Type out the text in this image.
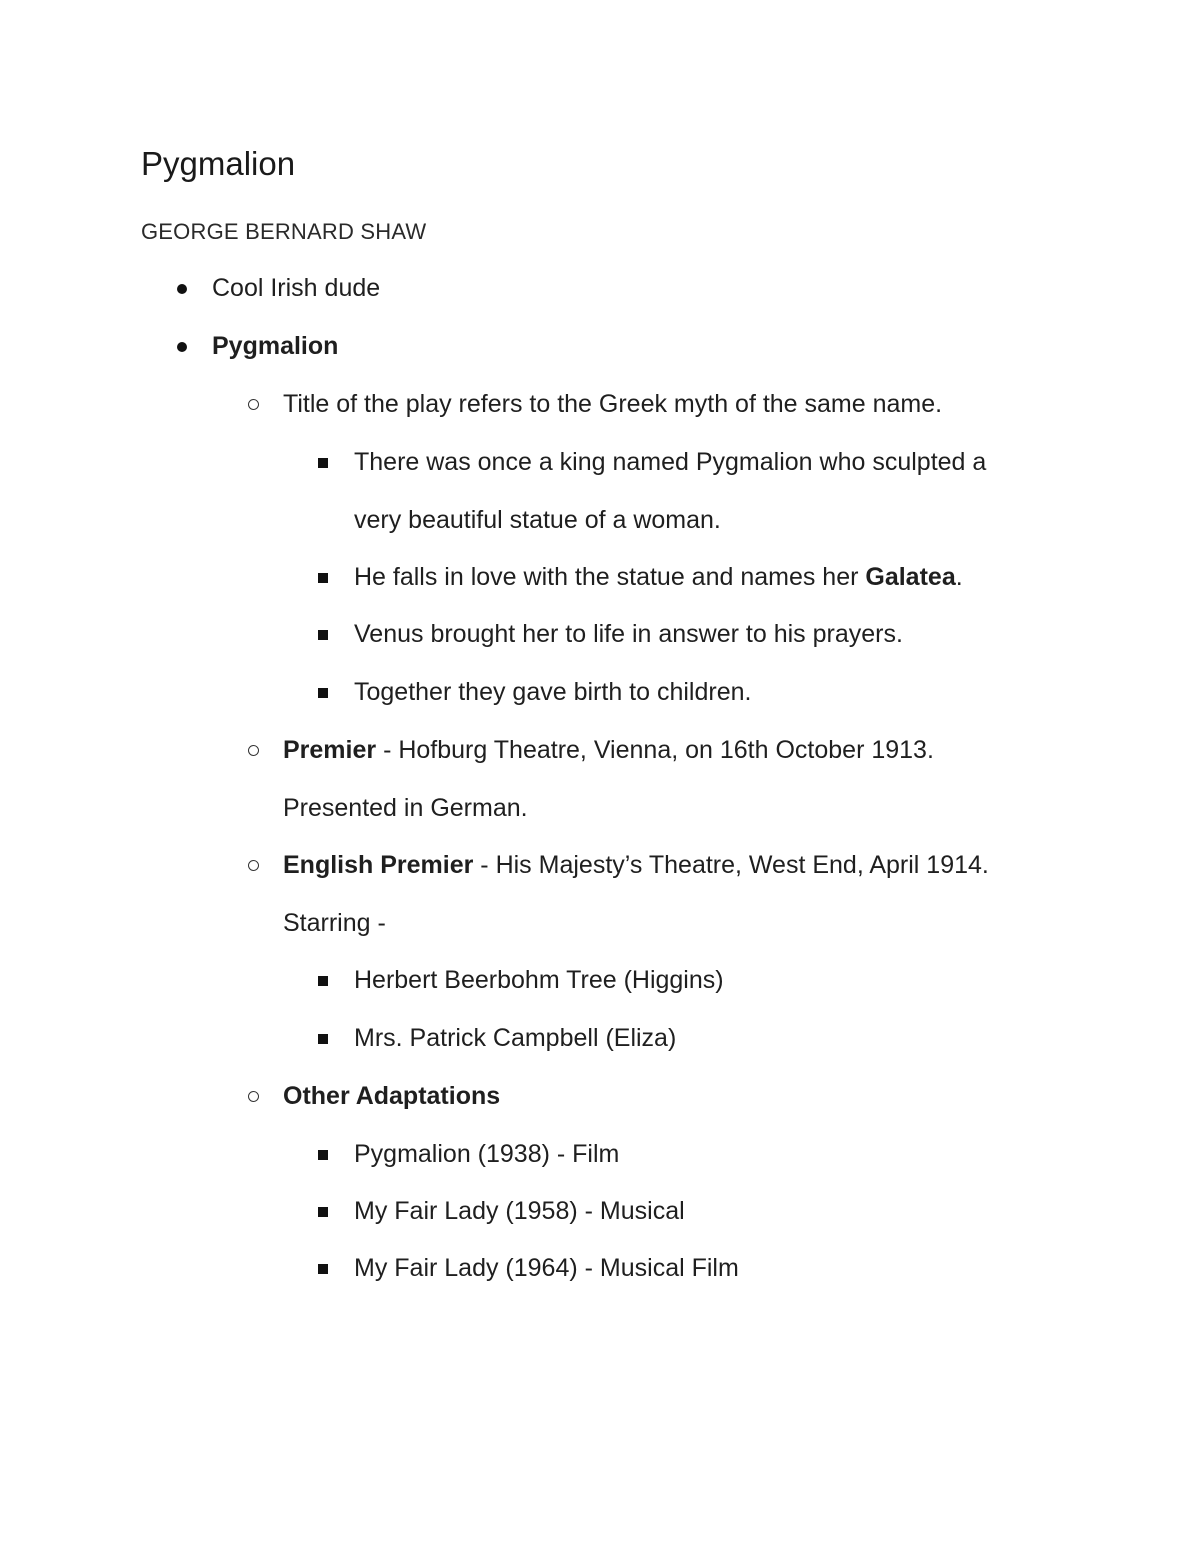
Pygmalion

GEORGE BERNARD SHAW

Cool Irish dude
Pygmalion
Title of the play refers to the Greek myth of the same name.
There was once a king named Pygmalion who sculpted a very beautiful statue of a woman.
He falls in love with the statue and names her Galatea.
Venus brought her to life in answer to his prayers.
Together they gave birth to children.
Premier - Hofburg Theatre, Vienna, on 16th October 1913. Presented in German.
English Premier - His Majesty’s Theatre, West End, April 1914. Starring -
Herbert Beerbohm Tree (Higgins)
Mrs. Patrick Campbell (Eliza)
Other Adaptations
Pygmalion (1938) - Film
My Fair Lady (1958) - Musical
My Fair Lady (1964) - Musical Film
